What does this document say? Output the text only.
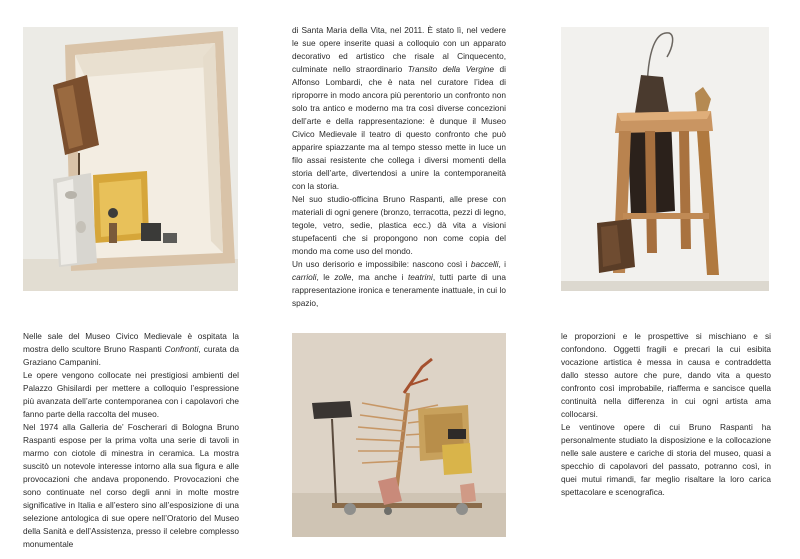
di Santa Maria della Vita, nel 2011. È stato lì, nel vedere le sue opere inserite quasi a colloquio con un apparato decorativo ed artistico che risale al Cinquecento, culminate nello straordinario Transito della Vergine di Alfonso Lombardi, che è nata nel curatore l’idea di riproporre in modo ancora più perentorio un confronto non solo tra antico e moderno ma tra così diverse concezioni dell’arte e della rappresentazione: è dunque il Museo Civico Medievale il teatro di questo confronto che può apparire spiazzante ma al tempo stesso mette in luce un filo assai resistente che collega i diversi momenti della storia dell’arte, divertendosi a unire la contemporaneità con la storia.

Nel suo studio-officina Bruno Raspanti, alle prese con materiali di ogni genere (bronzo, terracotta, pezzi di legno, tegole, vetro, sedie, plastica ecc.) dà vita a visioni stupefacenti che si propongono non come copia del mondo ma come uso del mondo.

Un uso derisorio e impossibile: nascono così i baccelli, i carrioli, le zolle, ma anche i teatrini, tutti parte di una rappresentazione ironica e teneramente inattuale, in cui lo spazio,

Nelle sale del Museo Civico Medievale è ospitata la mostra dello scultore Bruno Raspanti Confronti, curata da Graziano Campanini.

Le opere vengono collocate nei prestigiosi ambienti del Palazzo Ghisilardi per mettere a colloquio l’espressione più avanzata dell’arte contemporanea con i capolavori che fanno parte della raccolta del museo.

Nel 1974 alla Galleria de’ Foscherari di Bologna Bruno Raspanti espose per la prima volta una serie di tavoli in marmo con ciotole di minestra in ceramica. La mostra suscitò un notevole interesse intorno alla sua figura e alle provocazioni che andava proponendo. Provocazioni che sono continuate nel corso degli anni in molte mostre significative in Italia e all’estero sino all’esposizione di una selezione antologica di sue opere nell’Oratorio del Museo della Sanità e dell’Assistenza, presso il celebre complesso monumentale

le proporzioni e le prospettive si mischiano e si confondono. Oggetti fragili e precari la cui esibita vocazione artistica è messa in causa e contraddetta dallo stesso autore che pure, dando vita a questo confronto così improbabile, riafferma e sancisce quella continuità nella differenza in cui ogni artista ama collocarsi.

Le ventinove opere di cui Bruno Raspanti ha personalmente studiato la disposizione e la collocazione nelle sale austere e cariche di storia del museo, quasi a specchio di capolavori del passato, potranno così, in quei mutui rimandi, far meglio risaltare la loro carica spettacolare e scenografica.
